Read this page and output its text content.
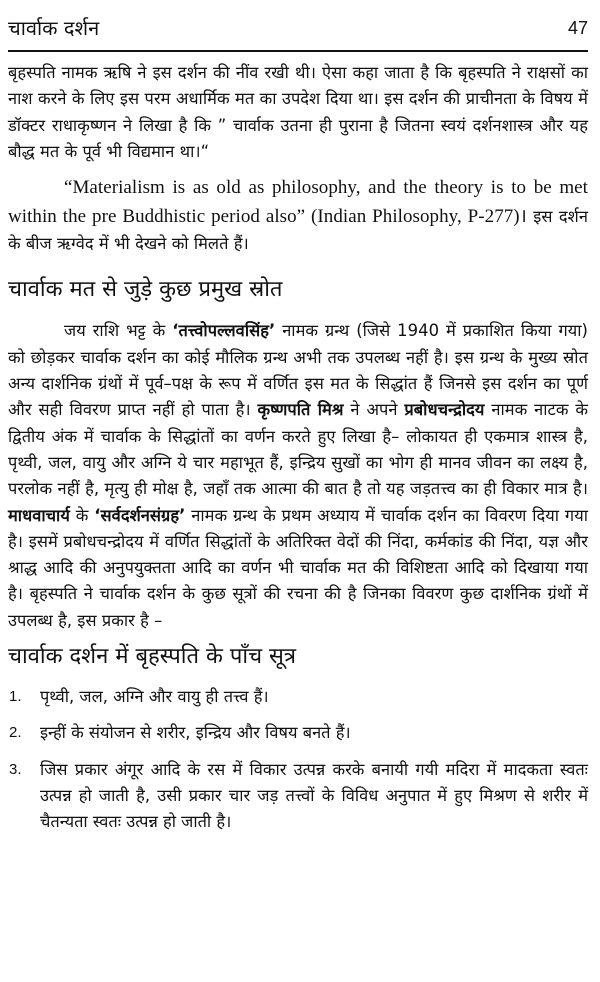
चार्वाक दर्शन	47

बृहस्पति नामक ऋषि ने इस दर्शन की नींव रखी थी। ऐसा कहा जाता है कि बृहस्पति ने राक्षसों का नाश करने के लिए इस परम अधार्मिक मत का उपदेश दिया था। इस दर्शन की प्राचीनता के विषय में डॉक्टर राधाकृष्णन ने लिखा है कि ” चार्वाक उतना ही पुराना है जितना स्वयं दर्शनशास्त्र और यह बौद्ध मत के पूर्व भी विद्यमान था।“

“Materialism is as old as philosophy, and the theory is to be met within the pre Buddhistic period also” (Indian Philosophy, P-277)। इस दर्शन के बीज ऋग्वेद में भी देखने को मिलते हैं।

चार्वाक मत से जुड़े कुछ प्रमुख स्रोत

जय राशि भट्ट के ‘तत्त्वोपल्लवसिंह’ नामक ग्रन्थ (जिसे 1940 में प्रकाशित किया गया) को छोड़कर चार्वाक दर्शन का कोई मौलिक ग्रन्थ अभी तक उपलब्ध नहीं है। इस ग्रन्थ के मुख्य स्रोत अन्य दार्शनिक ग्रंथों में पूर्व–पक्ष के रूप में वर्णित इस मत के सिद्धांत हैं जिनसे इस दर्शन का पूर्ण और सही विवरण प्राप्त नहीं हो पाता है। कृष्णपति मिश्र ने अपने प्रबोधचन्द्रोदय नामक नाटक के द्वितीय अंक में चार्वाक के सिद्धांतों का वर्णन करते हुए लिखा है– लोकायत ही एकमात्र शास्त्र है, पृथ्वी, जल, वायु और अग्नि ये चार महाभूत हैं, इन्द्रिय सुखों का भोग ही मानव जीवन का लक्ष्य है, परलोक नहीं है, मृत्यु ही मोक्ष है, जहाँ तक आत्मा की बात है तो यह जड़तत्त्व का ही विकार मात्र है। माधवाचार्य के ‘सर्वदर्शनसंग्रह’ नामक ग्रन्थ के प्रथम अध्याय में चार्वाक दर्शन का विवरण दिया गया है। इसमें प्रबोधचन्द्रोदय में वर्णित सिद्धांतों के अतिरिक्त वेदों की निंदा, कर्मकांड की निंदा, यज्ञ और श्राद्ध आदि की अनुपयुक्तता आदि का वर्णन भी चार्वाक मत की विशिष्टता आदि को दिखाया गया है। बृहस्पति ने चार्वाक दर्शन के कुछ सूत्रों की रचना की है जिनका विवरण कुछ दार्शनिक ग्रंथों में उपलब्ध है, इस प्रकार है –

चार्वाक दर्शन में बृहस्पति के पाँच सूत्र
1.	पृथ्वी, जल, अग्नि और वायु ही तत्त्व हैं।
2.	इन्हीं के संयोजन से शरीर, इन्द्रिय और विषय बनते हैं।
3.	जिस प्रकार अंगूर आदि के रस में विकार उत्पन्न करके बनायी गयी मदिरा में मादकता स्वतः उत्पन्न हो जाती है, उसी प्रकार चार जड़ तत्त्वों के विविध अनुपात में हुए मिश्रण से शरीर में चैतन्यता स्वतः उत्पन्न हो जाती है।
